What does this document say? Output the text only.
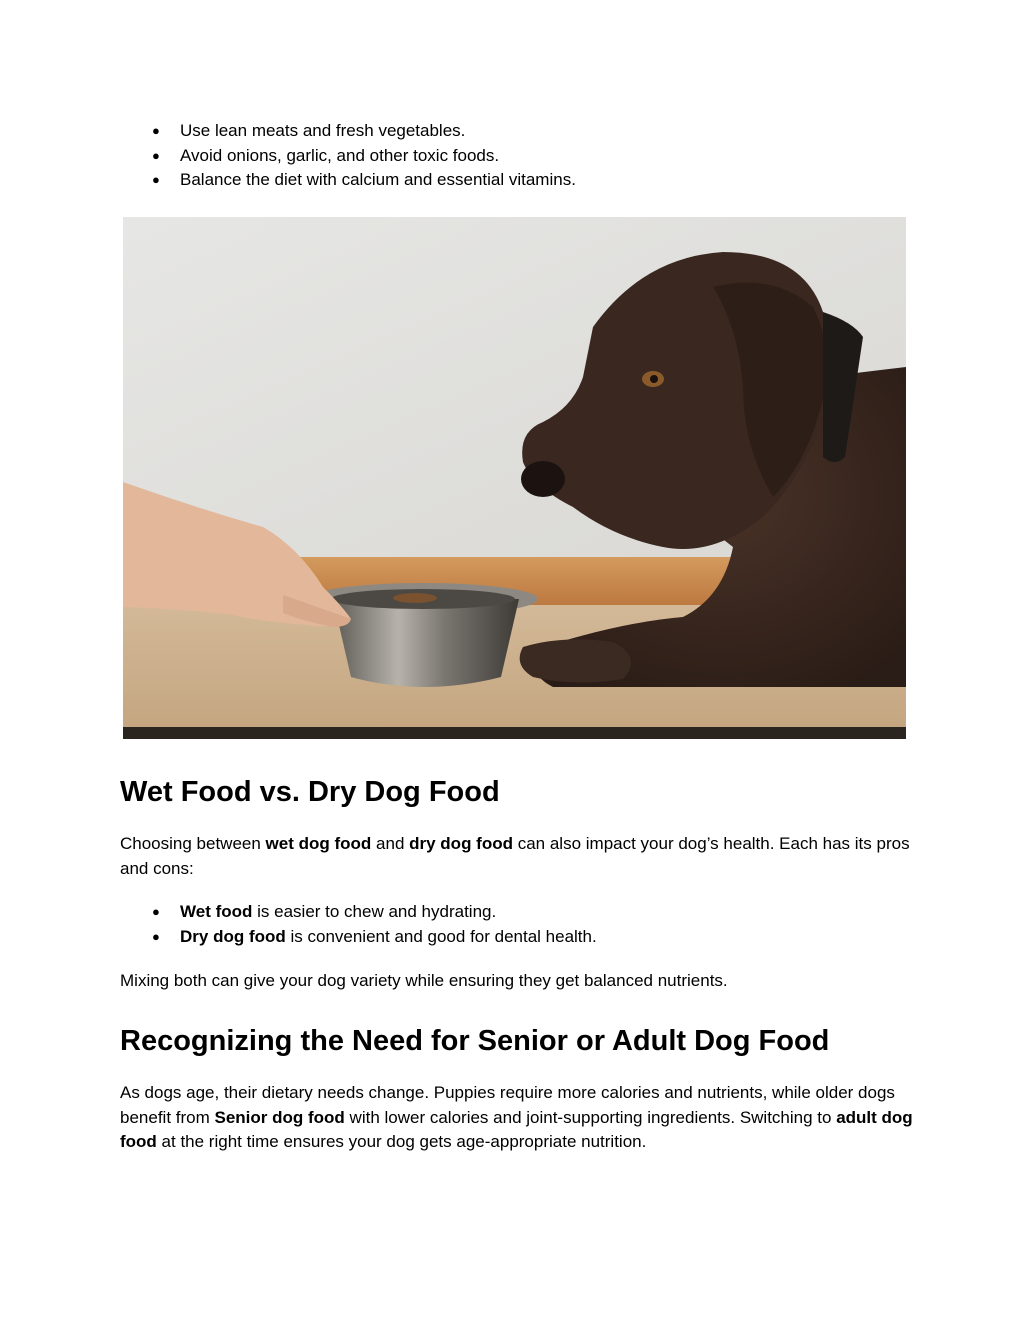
● Use lean meats and fresh vegetables.
● Avoid onions, garlic, and other toxic foods.
● Balance the diet with calcium and essential vitamins.
Wet Food vs. Dry Dog Food

Choosing between wet dog food and dry dog food can also impact your dog’s health. Each has its pros and cons:

● Wet food is easier to chew and hydrating.
● Dry dog food is convenient and good for dental health.

Mixing both can give your dog variety while ensuring they get balanced nutrients.

Recognizing the Need for Senior or Adult Dog Food

As dogs age, their dietary needs change. Puppies require more calories and nutrients, while older dogs benefit from Senior dog food with lower calories and joint-supporting ingredients. Switching to adult dog food at the right time ensures your dog gets age-appropriate nutrition.
